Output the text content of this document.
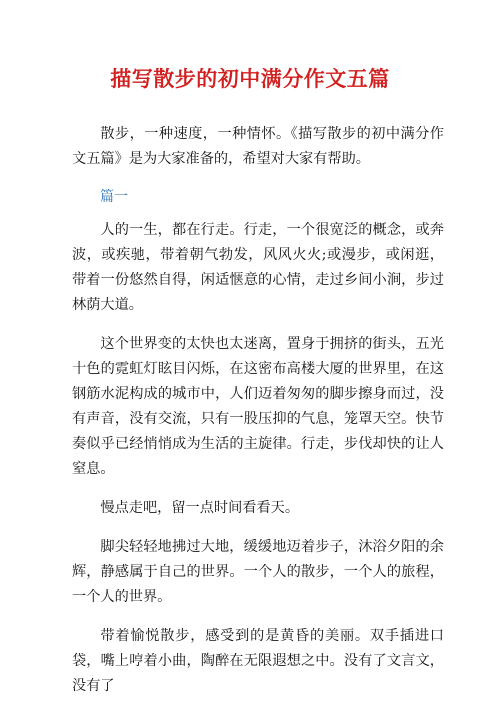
描写散步的初中满分作文五篇

散步，一种速度，一种情怀。《描写散步的初中满分作文五篇》是为大家准备的，希望对大家有帮助。

篇一

人的一生，都在行走。行走，一个很宽泛的概念，或奔波，或疾驰，带着朝气勃发，风风火火;或漫步，或闲逛，带着一份悠然自得，闲适惬意的心情，走过乡间小涧，步过林荫大道。

这个世界变的太快也太迷离，置身于拥挤的街头，五光十色的霓虹灯眩目闪烁，在这密布高楼大厦的世界里，在这钢筋水泥构成的城市中，人们迈着匆匆的脚步擦身而过，没有声音，没有交流，只有一股压抑的气息，笼罩天空。快节奏似乎已经悄悄成为生活的主旋律。行走，步伐却快的让人窒息。

慢点走吧，留一点时间看看天。

脚尖轻轻地拂过大地，缓缓地迈着步子，沐浴夕阳的余辉，静感属于自己的世界。一个人的散步，一个人的旅程，一个人的世界。

带着愉悦散步，感受到的是黄昏的美丽。双手插进口袋，嘴上哼着小曲，陶醉在无限遐想之中。没有了文言文，没有了
